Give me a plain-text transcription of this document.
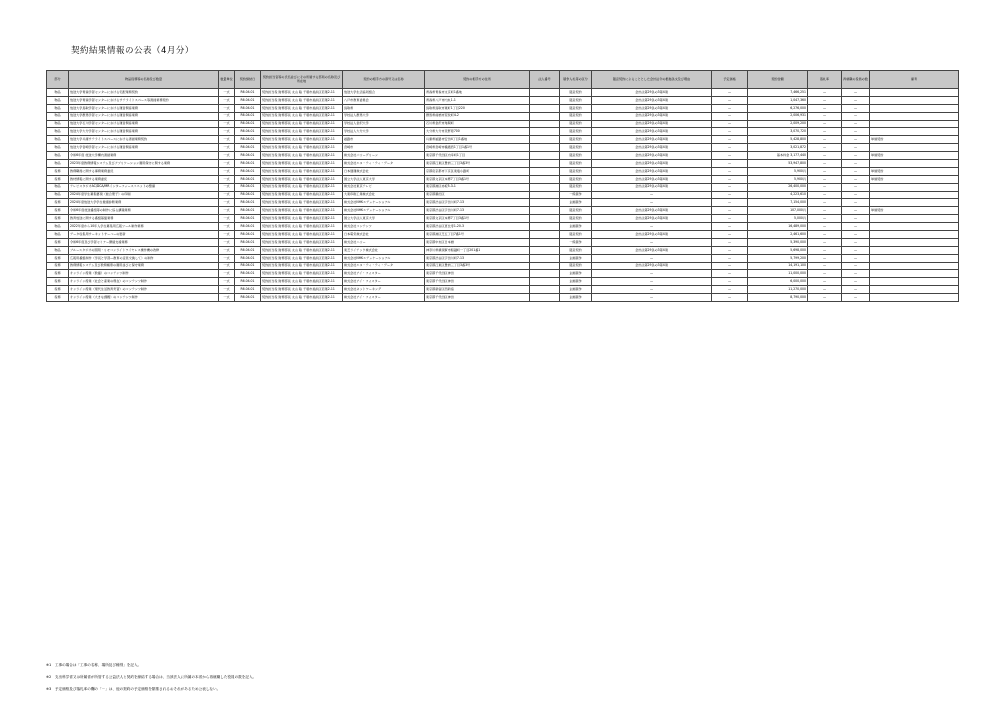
契約結果情報の公表（4月分）
部分	物品役務等の名称及び数量	数量単位	契約締結日	契約担当官等の氏名並びにその所属する部局の名称及び所在地	契約の相手方の商号又は名称	契約の相手方の住所	法人番号	競争入札等の区分	随意契約によることとした会計法令の根拠条文及び理由	予定価格	契約金額	落札率	再就職の役員の数	備考
物品	放送大学青森学習センターにおける宅配業務契約	一式	R6.04.01	契約担当役 財務部長 太山 聡 千葉市美浜区若葉2-11	放送大学生活協同組合	青森県青森市文京町1番地		随意契約	会計法第29条の3第4項	—	7,466,251	—	—	
物品	放送大学青森学習センターにおけるサテライトスペース等清掃業務契約	一式	R6.04.01	契約担当役 財務部長 太山 聡 千葉市美浜区若葉2-11	八戸市教育委員会	青森県八戸市内丸1-1		随意契約	会計法第29条の3第4項	—	1,047,360	—	—	
物品	放送大学鳥取学習センターにおける運営関係業務	一式	R6.04.01	契約担当役 財務部長 太山 聡 千葉市美浜区若葉2-11	鳥取県	鳥取県鳥取市東町1丁目220		随意契約	会計法第29条の3第4項	—	6,276,000	—	—	
物品	放送大学群馬学習センターにおける運営関係業務	一式	R6.04.01	契約担当役 財務部長 太山 聡 千葉市美浜区若葉2-11	学校法人群馬大学	群馬県前橋市荒牧町4-2		随意契約	会計法第29条の3第4項	—	2,006,931	—	—	
物品	放送大学石川学習センターにおける運営関係業務	一式	R6.04.01	契約担当役 財務部長 太山 聡 千葉市美浜区若葉2-11	学校法人金沢大学	石川県金沢市角間町		随意契約	会計法第29条の3第4項	—	2,009,200	—	—	
物品	放送大学大分学習センターにおける運営関係業務	一式	R6.04.01	契約担当役 財務部長 太山 聡 千葉市美浜区若葉2-11	学校法人大分大学	大分県大分市旦野原700		随意契約	会計法第29条の3第4項	—	3,070,720	—	—	
物品	放送大学兵庫サテライトスペースにおける清掃業務契約	一式	R6.04.01	契約担当役 財務部長 太山 聡 千葉市美浜区若葉2-11	姫路市	兵庫県姫路市安田4丁目1番地		随意契約	会計法第29条の3第4項	—	5,428,800	—	—	単価契約
物品	放送大学宮崎学習センターにおける運営関係業務	一式	R6.04.01	契約担当役 財務部長 太山 聡 千葉市美浜区若葉2-11	宮崎市	宮崎県宮崎市橘通西1丁目1番1号		随意契約	会計法第29条の3第4項	—	3,021,872	—	—	
物品	令和6年度 放送大学構内清掃業務	一式	R6.04.01	契約担当役 財務部長 太山 聡 千葉市美浜区若葉2-11	株式会社パリーグリーン	東京都千代田区内幸町1丁目		随意契約	会計法第29条の3第4項	—	基本料金 3,177,440	—	—	単価契約
物品	2023年度教務情報システム及びアプリケーション運用保守に関する業務	一式	R6.04.01	契約担当役 財務部長 太山 聡 千葉市美浜区若葉2-11	株式会社エヌ・ティ・ティ・データ	東京都江東区豊洲三丁目3番3号		随意契約	会計法第29条の3第4項	—	53,947,800	—	—	
役務	教務職員に関する事務業務委託	一式	R6.04.01	契約担当役 財務部長 太山 聡 千葉市美浜区若葉2-11	日本通運株式会社	京都府京都市下京区東塩小路町		随意契約	会計法第29条の3第4項	—	5,900円	—	—	単価契約
役務	教材情報に関する業務委託	一式	R6.04.01	契約担当役 財務部長 太山 聡 千葉市美浜区若葉2-11	国立大学法人東京大学	東京都文京区本郷7丁目3番1号		随意契約	会計法第29条の3第4項	—	5,900円	—	—	単価契約
物品	テレビスタジオAC/DCA/MRインターフェースユニットの整備	一式	R6.04.01	契約担当役 財務部長 太山 聡 千葉市美浜区若葉2-11	株式会社東京テレビ	東京都港区赤坂5-3-1		随意契約	会計法第29条の3第4項	—	26,400,000	—	—	
物品	2024年度学生募集要項（総合冊子）の印刷	一式	R6.04.01	契約担当役 財務部長 太山 聡 千葉市美浜区若葉2-11	大東印刷工業株式会社	東京都墨田区		一般競争	—	—	4,223,610	—	—	
役務	2024年度放送大学学生健康診断業務	一式	R6.04.01	契約担当役 財務部長 太山 聡 千葉市美浜区若葉2-11	株式会社NHKエデュケーショナル	東京都渋谷区宇田川町7-13		企画競争	—	—	7,154,000	—	—	
役務	令和6年度放送番組等の制作に係る講義業務	一式	R6.04.01	契約担当役 財務部長 太山 聡 千葉市美浜区若葉2-11	株式会社NHKエデュケーショナル	東京都渋谷区宇田川町7-13		随意契約	会計法第29条の3第4項	—	107,000円	—	—	単価契約
役務	教育放送に関する番組基盤業務	一式	R6.04.01	契約担当役 財務部長 太山 聡 千葉市美浜区若葉2-11	国立大学法人東京大学	東京都文京区本郷7丁目3番1号		随意契約	会計法第29条の3第4項	—	5,000円	—	—	
物品	2022年度から10年入学生募集用広報ツール制作業務	一式	R6.04.01	契約担当役 財務部長 太山 聡 千葉市美浜区若葉2-11	株式会社コンテンツ	東京都渋谷区恵比寿1-20-3		企画競争	—	—	16,489,000	—	—	
物品	データ収集用サーキットサーバーの更新	一式	R6.04.01	契約担当役 財務部長 太山 聡 千葉市美浜区若葉2-11	日本電気株式会社	東京都港区芝五丁目7番1号		随意契約	会計法第29条の3第4項	—	2,461,600	—	—	
役務	令和6年度及び学習セミナー開催支援業務	一式	R6.04.01	契約担当役 財務部長 太山 聡 千葉市美浜区若葉2-11	株式会社ハリー	東京都中央区日本橋		一般競争	—	—	5,390,000	—	—	
物品	ブルースタジオの照明・リモコンライトワイヤレス操作機の改修	一式	R6.04.01	契約担当役 財務部長 太山 聡 千葉市美浜区若葉2-11	東芝ライテック株式会社	神奈川県横須賀市船越町一丁目201番1		随意契約	会計法第29条の3第4項	—	5,698,000	—	—	
役務	広報用番組制作（学長と学習―教育の意見交換して）の制作	一式	R6.04.01	契約担当役 財務部長 太山 聡 千葉市美浜区若葉2-11	株式会社NHKエデュケーショナル	東京都渋谷区宇田川町7-13		企画競争	—	—	5,799,200	—	—	
役務	教務情報システム及び教務帳票の運用並びに保守業務	一式	R6.04.01	契約担当役 財務部長 太山 聡 千葉市美浜区若葉2-11	株式会社エヌ・ティ・ティ・データ	東京都江東区豊洲三丁目3番3号		随意契約	会計法第29条の3第4項	—	14,191,100	—	—	
役務	オンライン授業（教養）のコンテンツ制作	一式	R6.04.01	契約担当役 財務部長 太山 聡 千葉市美浜区若葉2-11	株式会社アイ・フォスター	東京都千代田区神田		企画競争	—	—	11,000,000	—	—	
役務	オンライン授業（社会と産業の現在）のコンテンツ制作	一式	R6.04.01	契約担当役 財務部長 太山 聡 千葉市美浜区若葉2-11	株式会社アイ・フォスター	東京都千代田区神田		企画競争	—	—	6,000,000	—	—	
役務	オンライン授業（現代生活教育実習）のコンテンツ制作	一式	R6.04.01	契約担当役 財務部長 太山 聡 千葉市美浜区若葉2-11	株式会社ネットワーキング	東京都新宿区西新宿		企画競争	—	—	11,270,000	—	—	
役務	オンライン授業（大きな課題）のコンテンツ制作	一式	R6.04.01	契約担当役 財務部長 太山 聡 千葉市美浜区若葉2-11	株式会社アイ・フォスター	東京都千代田区神田		企画競争	—	—	8,790,000	—	—	
※1　工事の場合は「工事の名称、場所及び種別」を記入。
※2　支出科学省又は所属省が所管する公益法人と契約を締結する場合は、当該法人に所属の本省から再就職した役員の数を記入。
※3　予定価格及び落札率の欄の「－」は、他の契約の予定価格を類推されるおそれがあるため公表しない。
